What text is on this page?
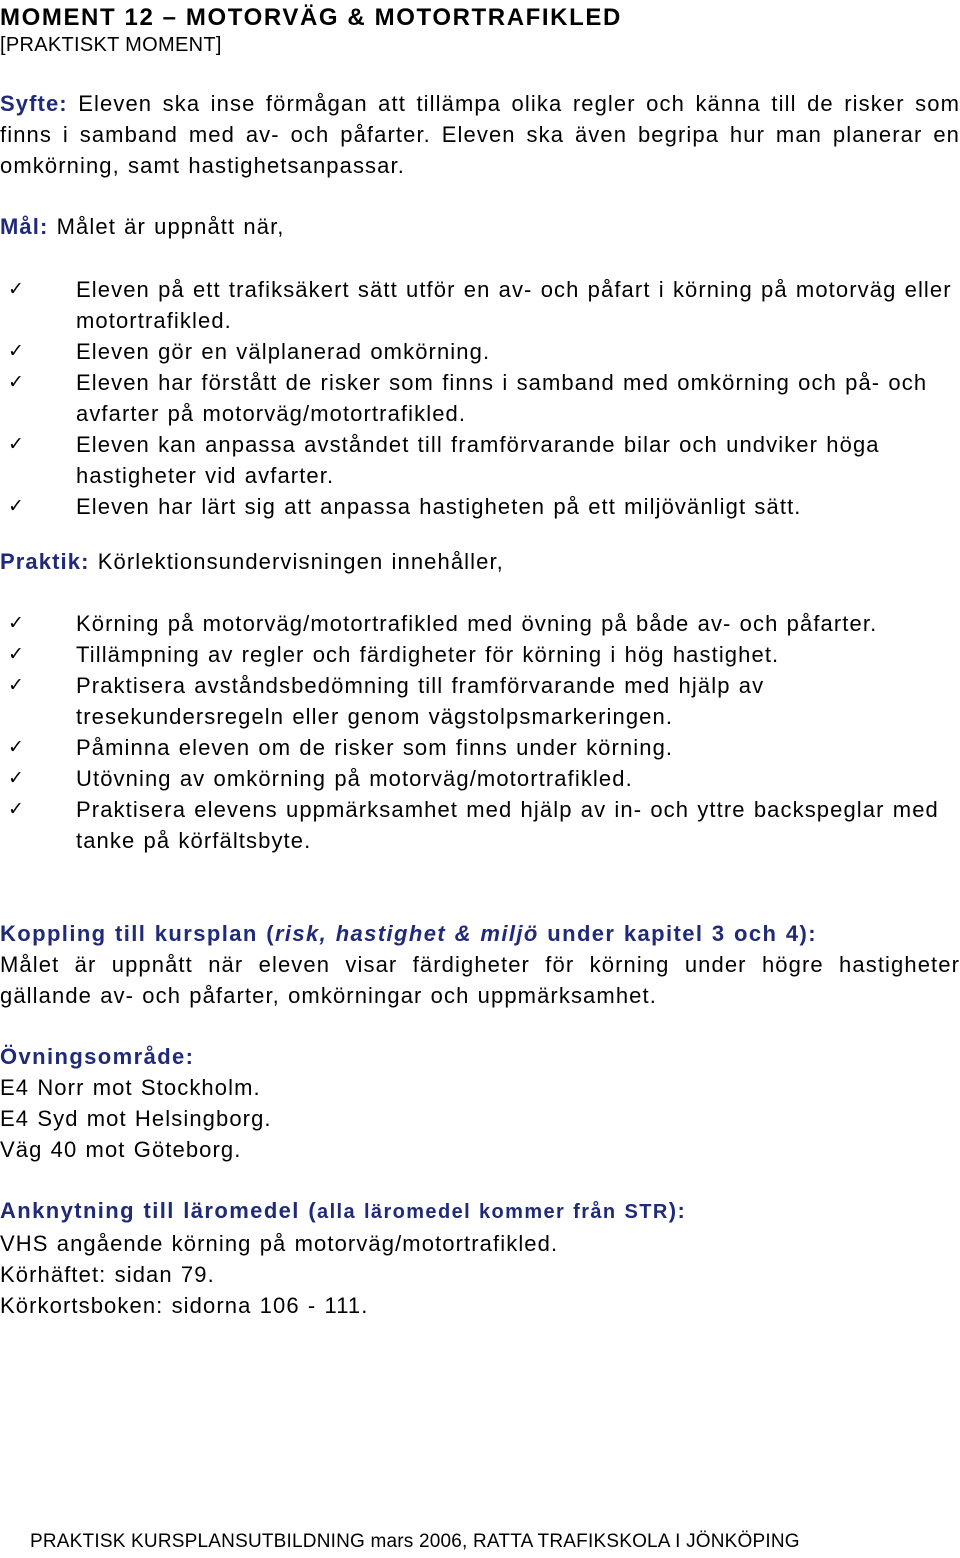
MOMENT 12 – MOTORVÄG & MOTORTRAFIKLED
[PRAKTISKT MOMENT]
Syfte: Eleven ska inse förmågan att tillämpa olika regler och känna till de risker som finns i samband med av- och påfarter. Eleven ska även begripa hur man planerar en omkörning, samt hastighetsanpassar.
Mål: Målet är uppnått när,
✓ Eleven på ett trafiksäkert sätt utför en av- och påfart i körning på motorväg eller motortrafikled.
✓ Eleven gör en välplanerad omkörning.
✓ Eleven har förstått de risker som finns i samband med omkörning och på- och avfarter på motorväg/motortrafikled.
✓ Eleven kan anpassa avståndet till framförvarande bilar och undviker höga hastigheter vid avfarter.
✓ Eleven har lärt sig att anpassa hastigheten på ett miljövänligt sätt.
Praktik: Körlektionsundervisningen innehåller,
✓ Körning på motorväg/motortrafikled med övning på både av- och påfarter.
✓ Tillämpning av regler och färdigheter för körning i hög hastighet.
✓ Praktisera avståndsbedömning till framförvarande med hjälp av tresekundersregeln eller genom vägstolpsmarkeringen.
✓ Påminna eleven om de risker som finns under körning.
✓ Utövning av omkörning på motorväg/motortrafikled.
✓ Praktisera elevens uppmärksamhet med hjälp av in- och yttre backspeglar med tanke på körfältsbyte.
Koppling till kursplan (risk, hastighet & miljö under kapitel 3 och 4):
Målet är uppnått när eleven visar färdigheter för körning under högre hastigheter gällande av- och påfarter, omkörningar och uppmärksamhet.
Övningsområde:
E4 Norr mot Stockholm.
E4 Syd mot Helsingborg.
Väg 40 mot Göteborg.
Anknytning till läromedel (alla läromedel kommer från STR):
VHS angående körning på motorväg/motortrafikled.
Körhäftet: sidan 79.
Körkortsboken: sidorna 106 - 111.
PRAKTISK KURSPLANSUTBILDNING mars 2006, RATTA TRAFIKSKOLA I JÖNKÖPING
